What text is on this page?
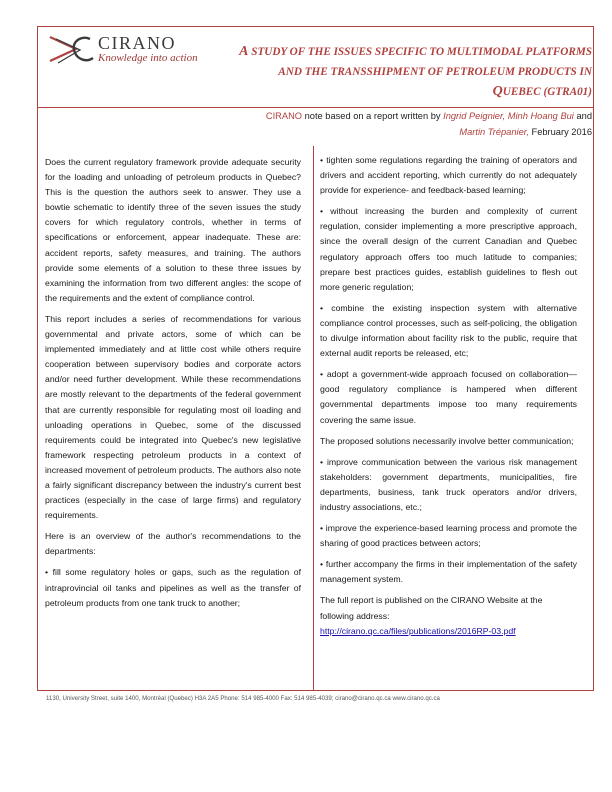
CIRANO
Knowledge into action	A STUDY OF THE ISSUES SPECIFIC TO MULTIMODAL PLATFORMS
AND THE TRANSSHIPMENT OF PETROLEUM PRODUCTS IN
QUEBEC (GTRA01)
CIRANO note based on a report written by Ingrid Peignier, Minh Hoang Bui and
Martin Trépanier, February 2016

Does the current regulatory framework provide adequate security for the loading and unloading of petroleum products in Quebec? This is the question the authors seek to answer. They use a bowtie schematic to identify three of the seven issues the study covers for which regulatory controls, whether in terms of specifications or enforcement, appear inadequate. These are: accident reports, safety measures, and training. The authors provide some elements of a solution to these three issues by examining the information from two different angles: the scope of the requirements and the extent of compliance control.

This report includes a series of recommendations for various governmental and private actors, some of which can be implemented immediately and at little cost while others require cooperation between supervisory bodies and corporate actors and/or need further development. While these recommendations are mostly relevant to the departments of the federal government that are currently responsible for regulating most oil loading and unloading operations in Quebec, some of the discussed requirements could be integrated into Quebec's new legislative framework respecting petroleum products in a context of increased movement of petroleum products. The authors also note a fairly significant discrepancy between the industry's current best practices (especially in the case of large firms) and regulatory requirements.

Here is an overview of the author's recommendations to the departments:

• fill some regulatory holes or gaps, such as the regulation of intraprovincial oil tanks and pipelines as well as the transfer of petroleum products from one tank truck to another;

• tighten some regulations regarding the training of operators and drivers and accident reporting, which currently do not adequately provide for experience- and feedback-based learning;

• without increasing the burden and complexity of current regulation, consider implementing a more prescriptive approach, since the overall design of the current Canadian and Quebec regulatory approach offers too much latitude to companies; prepare best practices guides, establish guidelines to flesh out more generic regulation;

• combine the existing inspection system with alternative compliance control processes, such as self-policing, the obligation to divulge information about facility risk to the public, require that external audit reports be released, etc;

• adopt a government-wide approach focused on collaboration—good regulatory compliance is hampered when different governmental departments impose too many requirements covering the same issue.

The proposed solutions necessarily involve better communication;

• improve communication between the various risk management stakeholders: government departments, municipalities, fire departments, business, tank truck operators and/or drivers, industry associations, etc.;

• improve the experience-based learning process and promote the sharing of good practices between actors;

• further accompany the firms in their implementation of the safety management system.

The full report is published on the CIRANO Website at the following address:
http://cirano.qc.ca/files/publications/2016RP-03.pdf

1130, University Street, suite 1400, Montréal (Quebec) H3A 2A5 Phone: 514 985-4000 Fax: 514 985-4039; cirano@cirano.qc.ca www.cirano.qc.ca
